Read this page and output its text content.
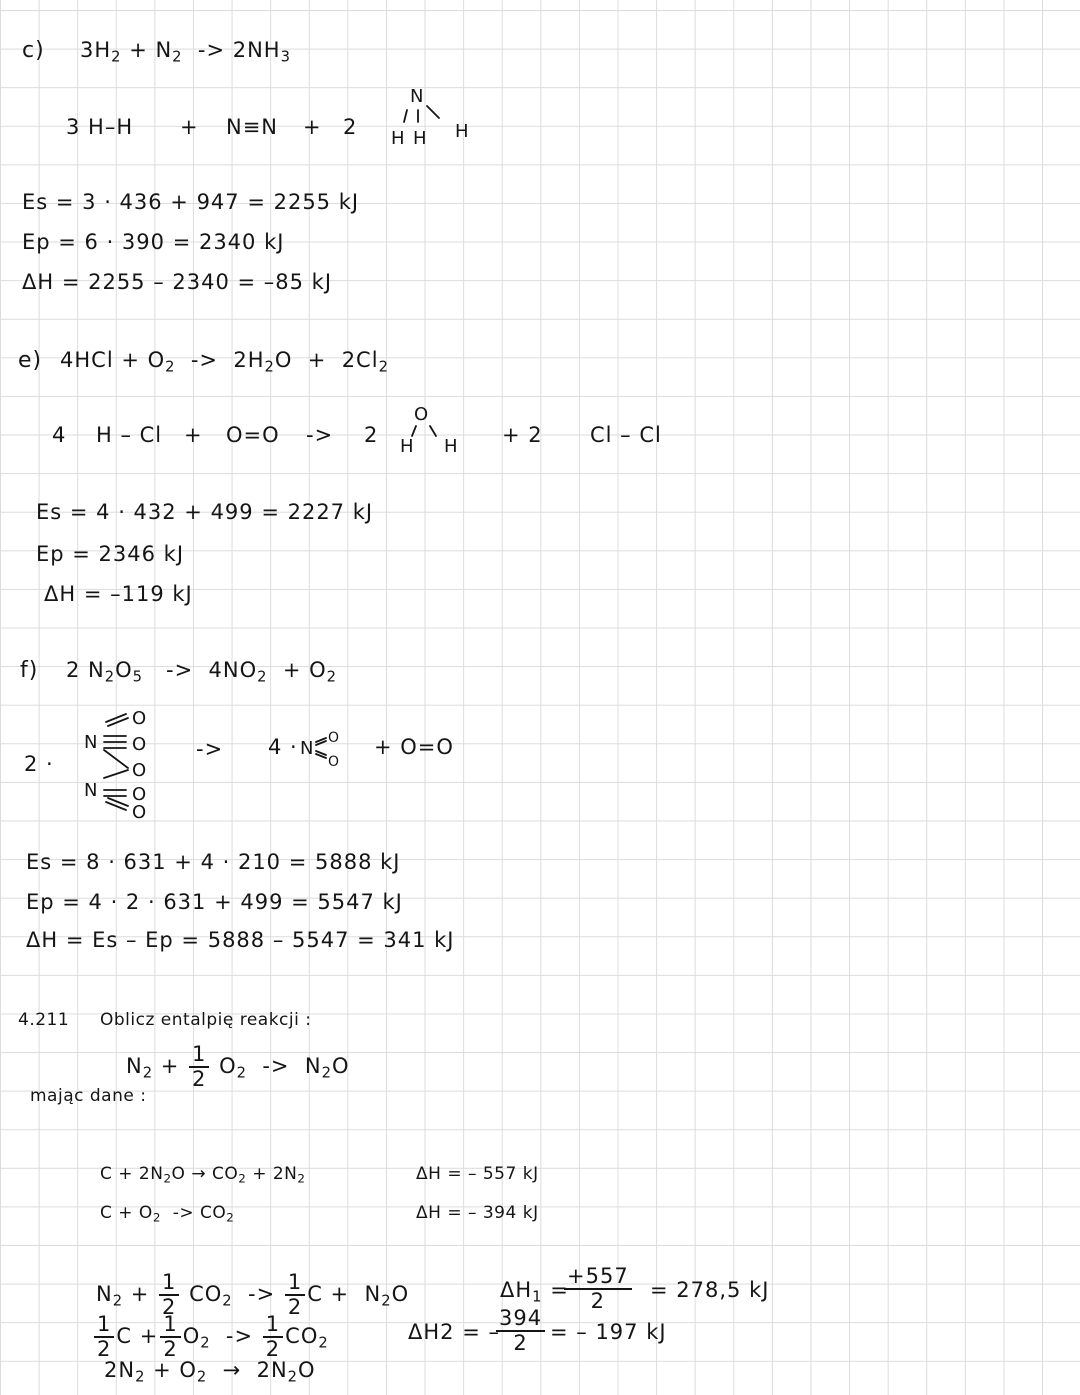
c) $3H_2 + N_2 -> 2NH_3$
3 H–H + N≡N + 2
N
H H H
Es = 3 · 436 + 947 = 2255 kJ
Ep = 6 · 390 = 2340 kJ
ΔH = 2255 – 2340 = –85 kJ
e) $4HCl + O_2 -> 2H_2O + 2Cl_2$
4 H – Cl + O=O -> 2
O
H H + 2 Cl – Cl
Es = 4 · 432 + 499 = 2227 kJ
Ep = 2346 kJ
ΔH = –119 kJ
f) 2 $N_2O_5 -> 4NO_2 + O_2$
2 ·
O
O
O
O
O
N
N
-> 4 · N O
O
+ O=O
Es = 8 · 631 + 4 · 210 = 5888 kJ
Ep = 4 · 2 · 631 + 499 = 5547 kJ
ΔH = Es – Ep = 5888 – 5547 = 341 kJ
4.211 Oblicz entalpię reakcji :
$N_2 + \frac{1}{2} O_2 -> N_2O$
mając dane :
$C + 2N_2O \to CO_2 + 2N_2$	ΔH = – 557 kJ
$C + O_2 -> CO_2$	ΔH = – 394 kJ
$N_2 + \frac{1}{2} CO_2 -> \frac{1}{2}$ $C + N_2O$	$\Delta H_1$ =
$\frac{+557}{2} = 278,5$ kJ
$\frac{1}{2}$ $C + \frac{1}{2} O_2 -> \frac{1}{2} CO_2$	ΔH2 = –
$\frac{394}{2}$ = – 197 kJ
$2N_2 + O_2 \to 2N_2O$
